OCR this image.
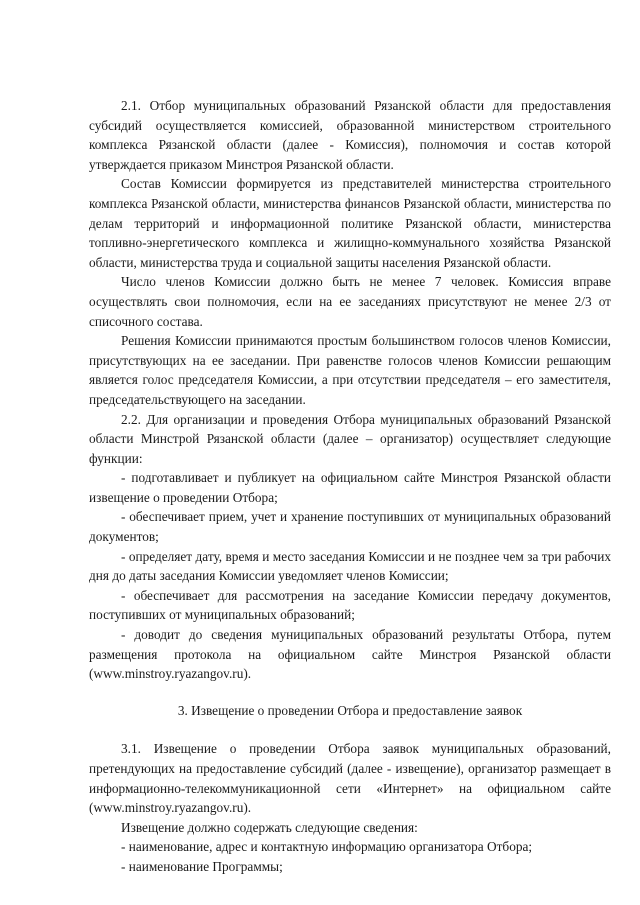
2.1. Отбор муниципальных образований Рязанской области для предоставления субсидий осуществляется комиссией, образованной министерством строительного комплекса Рязанской области (далее - Комиссия), полномочия и состав которой утверждается приказом Минстроя Рязанской области.

Состав Комиссии формируется из представителей министерства строительного комплекса Рязанской области, министерства финансов Рязанской области, министерства по делам территорий и информационной политике Рязанской области, министерства топливно-энергетического комплекса и жилищно-коммунального хозяйства Рязанской области, министерства труда и социальной защиты населения Рязанской области.

Число членов Комиссии должно быть не менее 7 человек. Комиссия вправе осуществлять свои полномочия, если на ее заседаниях присутствуют не менее 2/3 от списочного состава.

Решения Комиссии принимаются простым большинством голосов членов Комиссии, присутствующих на ее заседании. При равенстве голосов членов Комиссии решающим является голос председателя Комиссии, а при отсутствии председателя – его заместителя, председательствующего на заседании.

2.2. Для организации и проведения Отбора муниципальных образований Рязанской области Минстрой Рязанской области (далее – организатор) осуществляет следующие функции:

- подготавливает и публикует на официальном сайте Минстроя Рязанской области извещение о проведении Отбора;

- обеспечивает прием, учет и хранение поступивших от муниципальных образований документов;

- определяет дату, время и место заседания Комиссии и не позднее чем за три рабочих дня до даты заседания Комиссии уведомляет членов Комиссии;

- обеспечивает для рассмотрения на заседание Комиссии передачу документов, поступивших от муниципальных образований;

- доводит до сведения муниципальных образований результаты Отбора, путем размещения протокола на официальном сайте Минстроя Рязанской области (www.minstroy.ryazangov.ru).

3. Извещение о проведении Отбора и предоставление заявок

3.1. Извещение о проведении Отбора заявок муниципальных образований, претендующих на предоставление субсидий (далее - извещение), организатор размещает в информационно-телекоммуникационной сети «Интернет» на официальном сайте (www.minstroy.ryazangov.ru).

Извещение должно содержать следующие сведения:

- наименование, адрес и контактную информацию организатора Отбора;

- наименование Программы;
